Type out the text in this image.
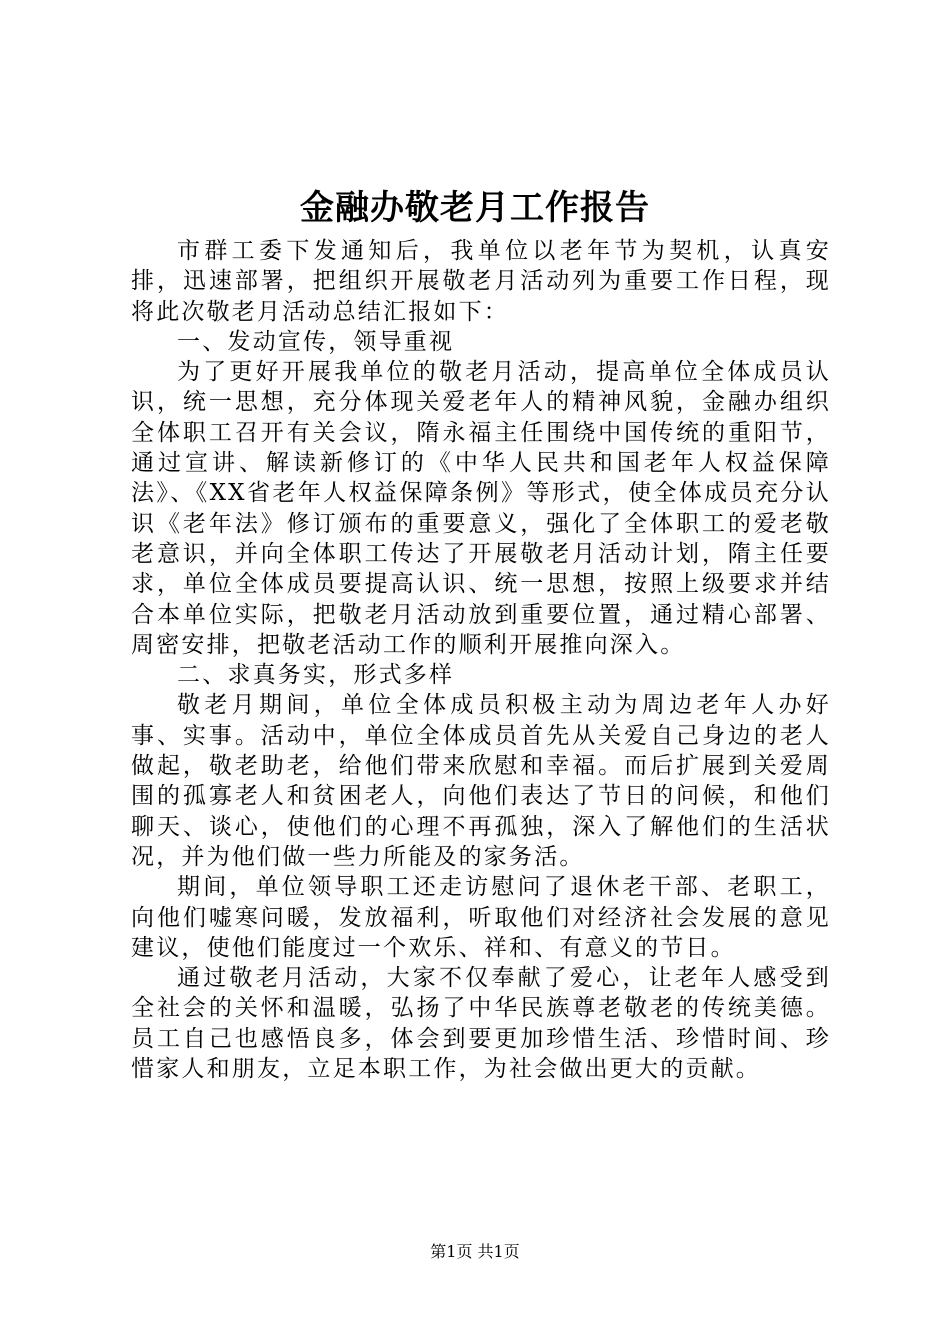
金融办敬老月工作报告

市群工委下发通知后，我单位以老年节为契机，认真安排，迅速部署，把组织开展敬老月活动列为重要工作日程，现将此次敬老月活动总结汇报如下：

一、发动宣传，领导重视

为了更好开展我单位的敬老月活动，提高单位全体成员认识，统一思想，充分体现关爱老年人的精神风貌，金融办组织全体职工召开有关会议，隋永福主任围绕中国传统的重阳节，通过宣讲、解读新修订的《中华人民共和国老年人权益保障法》、《XX省老年人权益保障条例》等形式，使全体成员充分认识《老年法》修订颁布的重要意义，强化了全体职工的爱老敬老意识，并向全体职工传达了开展敬老月活动计划，隋主任要求，单位全体成员要提高认识、统一思想，按照上级要求并结合本单位实际，把敬老月活动放到重要位置，通过精心部署、周密安排，把敬老活动工作的顺利开展推向深入。

二、求真务实，形式多样

敬老月期间，单位全体成员积极主动为周边老年人办好事、实事。活动中，单位全体成员首先从关爱自己身边的老人做起，敬老助老，给他们带来欣慰和幸福。而后扩展到关爱周围的孤寡老人和贫困老人，向他们表达了节日的问候，和他们聊天、谈心，使他们的心理不再孤独，深入了解他们的生活状况，并为他们做一些力所能及的家务活。

期间，单位领导职工还走访慰问了退休老干部、老职工，向他们嘘寒问暖，发放福利，听取他们对经济社会发展的意见建议，使他们能度过一个欢乐、祥和、有意义的节日。

通过敬老月活动，大家不仅奉献了爱心，让老年人感受到全社会的关怀和温暖，弘扬了中华民族尊老敬老的传统美德。员工自己也感悟良多，体会到要更加珍惜生活、珍惜时间、珍惜家人和朋友，立足本职工作，为社会做出更大的贡献。

第1页 共1页
